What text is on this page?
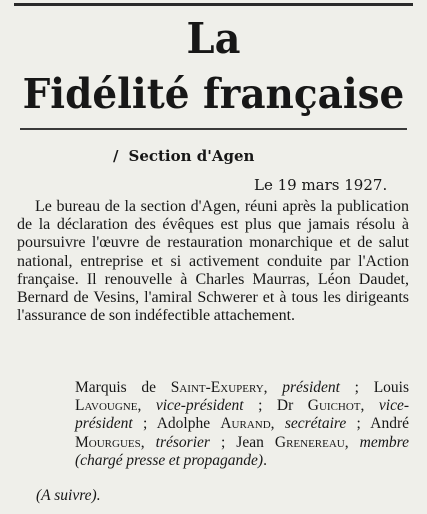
La
Fidélité française
/ Section d'Agen
Le 19 mars 1927.

Le bureau de la section d'Agen, réuni après la publication de la déclaration des évêques est plus que jamais résolu à poursuivre l'œuvre de restauration monarchique et de salut national, entreprise et si activement conduite par l'Action française. Il renouvelle à Charles Maurras, Léon Daudet, Bernard de Vesins, l'amiral Schwerer et à tous les dirigeants l'assurance de son indéfectible attachement.

Marquis de Saint-Exupery, président ; Louis Lavougne, vice-président ; Dr Guichot, vice-président ; Adolphe Aurand, secrétaire ; André Mourgues, trésorier ; Jean Grenereau, membre (chargé presse et propagande).

(A suivre).
